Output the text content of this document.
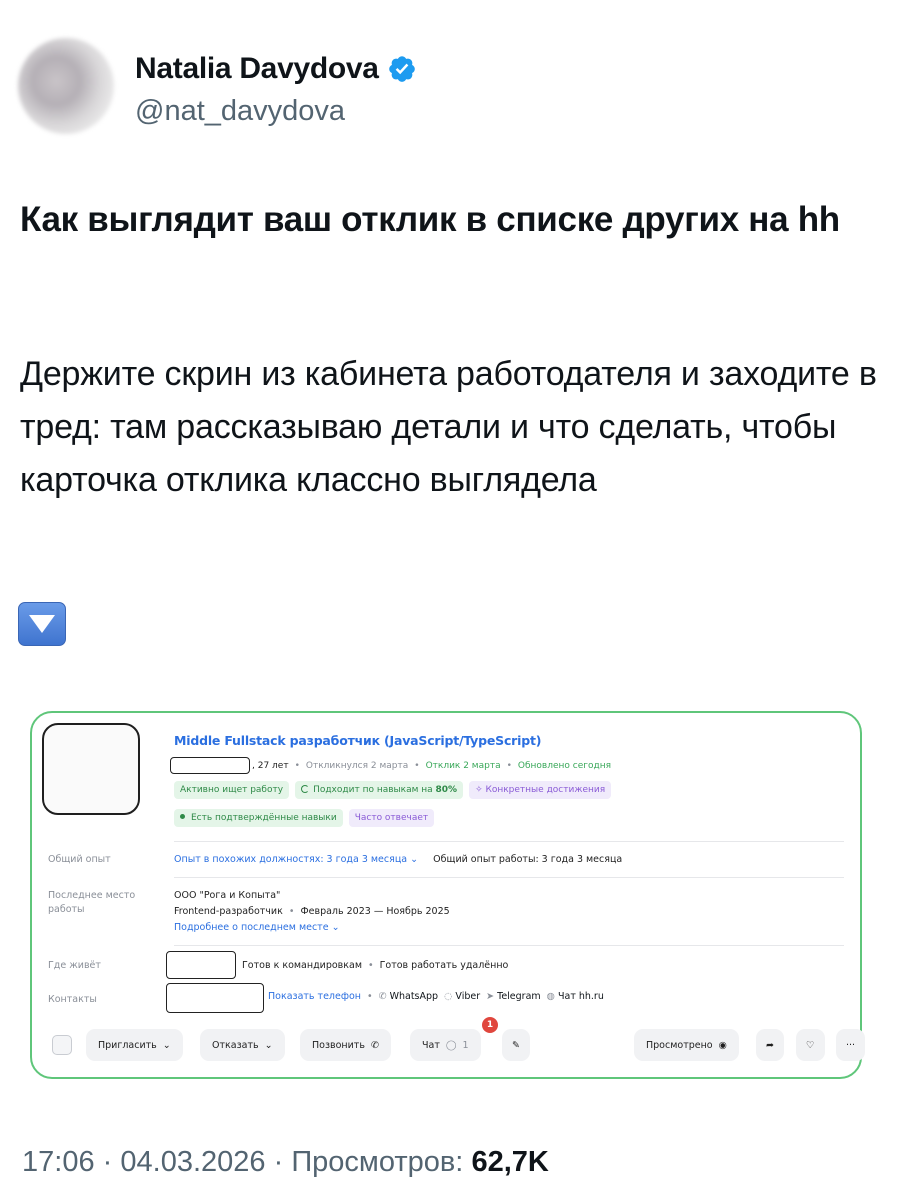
Natalia Davydova
@nat_davydova
Как выглядит ваш отклик в списке других на hh
Держите скрин из кабинета работодателя и заходите в тред: там рассказываю детали и что сделать, чтобы карточка отклика классно выглядела
Middle Fullstack разработчик (JavaScript/TypeScript)
, 27 лет • Откликнулся 2 марта • Отклик 2 марта • Обновлено сегодня
Активно ищет работу	Подходит по навыкам на 80%	✧ Конкретные достижения
Есть подтверждённые навыки	Часто отвечает
Общий опыт	Опыт в похожих должностях: 3 года 3 месяца ⌄ Общий опыт работы: 3 года 3 месяца
Последнее место
работы
ООО "Рога и Копыта"
Frontend-разработчик • Февраль 2023 — Ноябрь 2025
Подробнее о последнем месте ⌄
Где живёт	Готов к командировкам • Готов работать удалённо
Контакты	Показать телефон • ✆ WhatsApp ◌ Viber ➤ Telegram ◍ Чат hh.ru
Пригласить ⌄	Отказать ⌄	Позвонить ✆	Чат ◯ 1
1
✎	Просмотрено ◉	➦	♡	···
17:06 · 04.03.2026 · Просмотров: 62,7K
